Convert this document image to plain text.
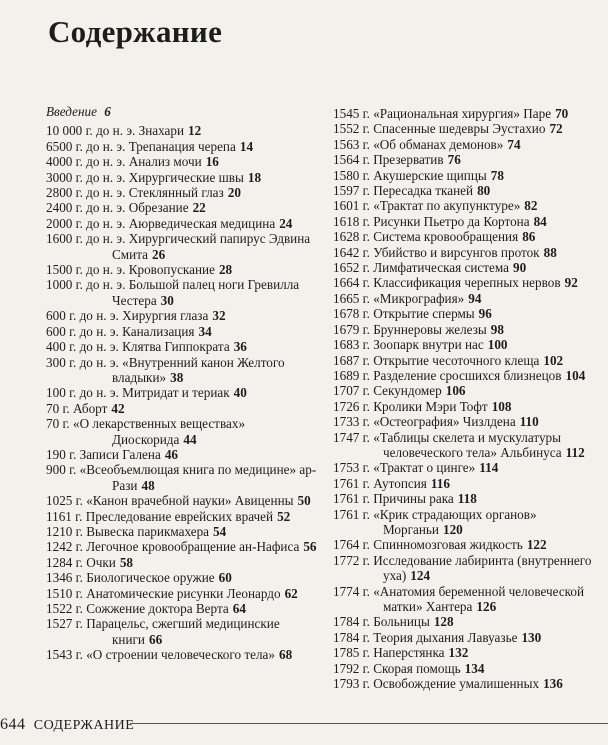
Содержание
Введение 6
10 000 г. до н. э. Знахари 12
6500 г. до н. э. Трепанация черепа 14
4000 г. до н. э. Анализ мочи 16
3000 г. до н. э. Хирургические швы 18
2800 г. до н. э. Стеклянный глаз 20
2400 г. до н. э. Обрезание 22
2000 г. до н. э. Аюрведическая медицина 24
1600 г. до н. э. Хирургический папирус Эдвина Смита 26
1500 г. до н. э. Кровопускание 28
1000 г. до н. э. Большой палец ноги Гревилла Честера 30
600 г. до н. э. Хирургия глаза 32
600 г. до н. э. Канализация 34
400 г. до н. э. Клятва Гиппократа 36
300 г. до н. э. «Внутренний канон Желтого владыки» 38
100 г. до н. э. Митридат и териак 40
70 г. Аборт 42
70 г. «О лекарственных веществах» Диоскорида 44
190 г. Записи Галена 46
900 г. «Всеобъемлющая книга по медицине» ар-Рази 48
1025 г. «Канон врачебной науки» Авиценны 50
1161 г. Преследование еврейских врачей 52
1210 г. Вывеска парикмахера 54
1242 г. Легочное кровообращение ан-Нафиса 56
1284 г. Очки 58
1346 г. Биологическое оружие 60
1510 г. Анатомические рисунки Леонардо 62
1522 г. Сожжение доктора Верта 64
1527 г. Парацельс, сжегший медицинские книги 66
1543 г. «О строении человеческого тела» 68
1545 г. «Рациональная хирургия» Паре 70
1552 г. Спасенные шедевры Эустахио 72
1563 г. «Об обманах демонов» 74
1564 г. Презерватив 76
1580 г. Акушерские щипцы 78
1597 г. Пересадка тканей 80
1601 г. «Трактат по акупунктуре» 82
1618 г. Рисунки Пьетро да Кортона 84
1628 г. Система кровообращения 86
1642 г. Убийство и вирсунгов проток 88
1652 г. Лимфатическая система 90
1664 г. Классификация черепных нервов 92
1665 г. «Микрография» 94
1678 г. Открытие спермы 96
1679 г. Бруннеровы железы 98
1683 г. Зоопарк внутри нас 100
1687 г. Открытие чесоточного клеща 102
1689 г. Разделение сросшихся близнецов 104
1707 г. Секундомер 106
1726 г. Кролики Мэри Тофт 108
1733 г. «Остеография» Чизлдена 110
1747 г. «Таблицы скелета и мускулатуры человеческого тела» Альбинуса 112
1753 г. «Трактат о цинге» 114
1761 г. Аутопсия 116
1761 г. Причины рака 118
1761 г. «Крик страдающих органов» Морганьи 120
1764 г. Спинномозговая жидкость 122
1772 г. Исследование лабиринта (внутреннего уха) 124
1774 г. «Анатомия беременной человеческой матки» Хантера 126
1784 г. Больницы 128
1784 г. Теория дыхания Лавуазье 130
1785 г. Наперстянка 132
1792 г. Скорая помощь 134
1793 г. Освобождение умалишенных 136
644 СОДЕРЖАНИЕ
